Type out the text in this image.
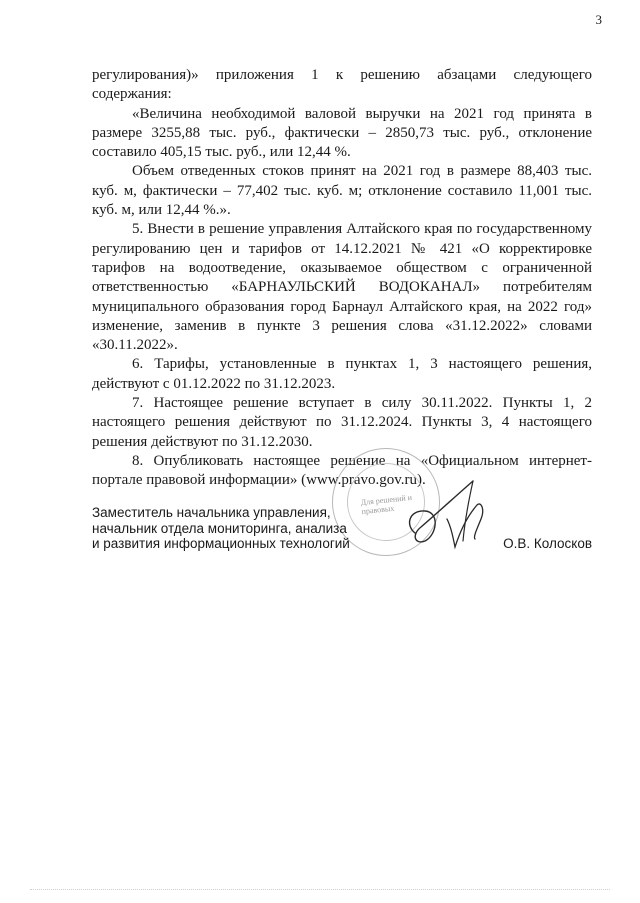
3

регулирования)» приложения 1 к решению абзацами следующего содержания:

«Величина необходимой валовой выручки на 2021 год принята в размере 3255,88 тыс. руб., фактически – 2850,73 тыс. руб., отклонение составило 405,15 тыс. руб., или 12,44 %.

Объем отведенных стоков принят на 2021 год в размере 88,403 тыс. куб. м, фактически – 77,402 тыс. куб. м; отклонение составило 11,001 тыс. куб. м, или 12,44 %.».

5. Внести в решение управления Алтайского края по государственному регулированию цен и тарифов от 14.12.2021 № 421 «О корректировке тарифов на водоотведение, оказываемое обществом с ограниченной ответственностью «БАРНАУЛЬСКИЙ ВОДОКАНАЛ» потребителям муниципального образования город Барнаул Алтайского края, на 2022 год» изменение, заменив в пункте 3 решения слова «31.12.2022» словами «30.11.2022».

6. Тарифы, установленные в пунктах 1, 3 настоящего решения, действуют с 01.12.2022 по 31.12.2023.

7. Настоящее решение вступает в силу 30.11.2022. Пункты 1, 2 настоящего решения действуют по 31.12.2024. Пункты 3, 4 настоящего решения действуют по 31.12.2030.

8. Опубликовать настоящее решение на «Официальном интернет-портале правовой информации» (www.pravo.gov.ru).

Для решений и правовых
Заместитель начальника управления,
начальник отдела мониторинга, анализа
и развития информационных технологий	О.В. Колосков
